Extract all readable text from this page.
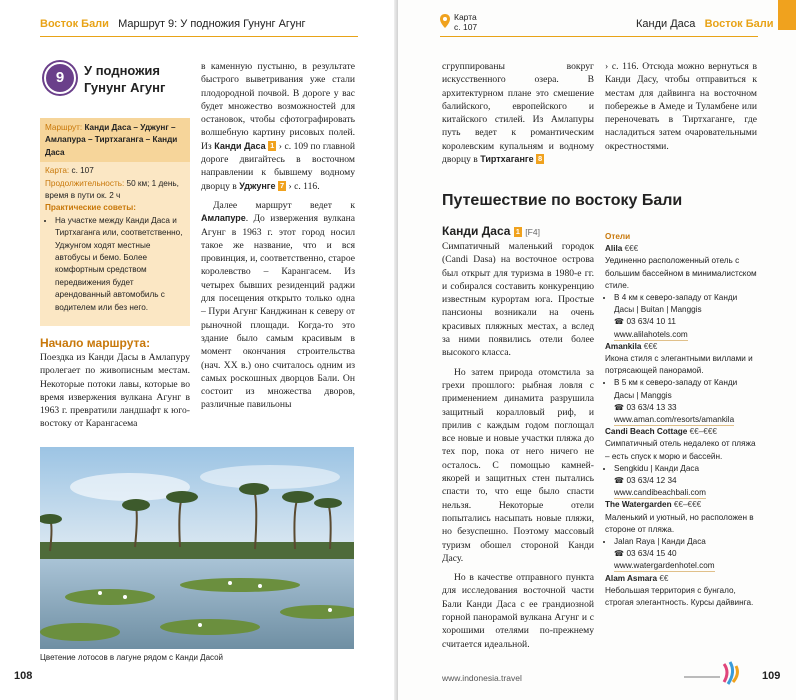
Восток Бали Маршрут 9: У подножия Гунунг Агунг
9	У подножия
Гунунг Агунг
Маршрут: Канди Даса – Уджунг – Амлапура – Тиртхаганга – Канди Даса
Карта: с. 107
Продолжительность: 50 км; 1 день, время в пути ок. 2 ч
Практические советы:
• На участке между Канди Дасa и Тиртхаганга или, соответственно, Уджунгом ходят местные автобусы и бемо. Более комфортным средством передвижения будет арендованный автомобиль с водителем или без него.
Начало маршрута:

Поездка из Канди Дасы в Амлапуру пролегает по живописным местам. Некоторые потоки лавы, которые во время извержения вулкана Агунг в 1963 г. превратили ландшафт к юго-востоку от Карангасема

в каменную пустыню, в результате быстрого выветривания уже стали плодородной почвой. В дороге у вас будет множество возможностей для остановок, чтобы сфотографировать волшебную картину рисовых полей. Из Канди Даса 1 › с. 109 по главной дороге двигайтесь в восточном направлении к бывшему водному дворцу в Уджунге 7 › с. 116.

Далее маршрут ведет к Амлапуре. До извержения вулкана Агунг в 1963 г. этот город носил такое же название, что и вся провинция, и, соответственно, старое королевство – Карангасем. Из четырех бывших резиденций раджи для посещения открыто только одна – Пури Агунг Канджинан к северу от рыночной площади. Когда-то это здание было самым красивым в момент окончания строительства (нач. XX в.) оно считалось одним из самых роскошных дворцов Бали. Он состоит из множества дворов, различные павильоны

Цветение лотосов в лагуне рядом с Канди Дасой
108
Карта
с. 107	Канди Даса Восток Бали

сгруппированы вокруг искусственного озера. В архитектурном плане это смешение балийского, европейского и китайского стилей. Из Амлапуры путь ведет к романтическим королевским купальням и водному дворцу в Тиртхаганге 8

› с. 116. Отсюда можно вернуться в Канди Дасу, чтобы отправиться к местам для дайвинга на восточном побережье в Амеде и Туламбене или переночевать в Тиртхаганге, где насладиться затем очаровательными окрестностями.

Путешествие по востоку Бали
Канди Даса 1 [F4]

Симпатичный маленький городок (Candi Dasa) на восточное острова был открыт для туризма в 1980-е гг. и собирался составить конкуренцию известным курортам юга. Простые пансионы возникали на очень красивых пляжных местах, а вслед за ними появились отели более высокого класса.

Но затем природа отомстила за грехи прошлого: рыбная ловля с применением динамита разрушила защитный коралловый риф, и прилив с каждым годом поглощал все новые и новые участки пляжа до тех пор, пока от него ничего не осталось. С помощью камней-якорей и защитных стен пытались спасти то, что еще было спасти нельзя. Некоторые отели попытались насыпать новые пляжи, но безуспешно. Поэтому массовый туризм обошел стороной Канди Дасу.

Но в качестве отправного пункта для исследования восточной части Бали Канди Даса с ее грандиозной горной панорамой вулкана Агунг и с хорошими отелями по-прежнему считается идеальной.

Отели
Alila €€€
Уединенно расположенный отель с большим бассейном в минималистском стиле.
• В 4 км к северо-западу от Канди Дасы | Buitan | Manggis
☎ 03 63/4 10 11
www.alilahotels.com
Amankila €€€
Икона стиля с элегантными виллами и потрясающей панорамой.
• В 5 км к северо-западу от Канди Дасы | Manggis
☎ 03 63/4 13 33
www.aman.com/resorts/amankila
Candi Beach Cottage €€–€€€
Симпатичный отель недалеко от пляжа – есть спуск к морю и бассейн.
• Sengkidu | Канди Даса
☎ 03 63/4 12 34
www.candibeachbali.com
The Watergarden €€–€€€
Маленький и уютный, но расположен в стороне от пляжа.
• Jalan Raya | Канди Даса
☎ 03 63/4 15 40
www.watergardenhotel.com
Alam Asmara €€
Небольшая территория с бунгало, строгая элегантность. Курсы дайвинга.
www.indonesia.travel	109
